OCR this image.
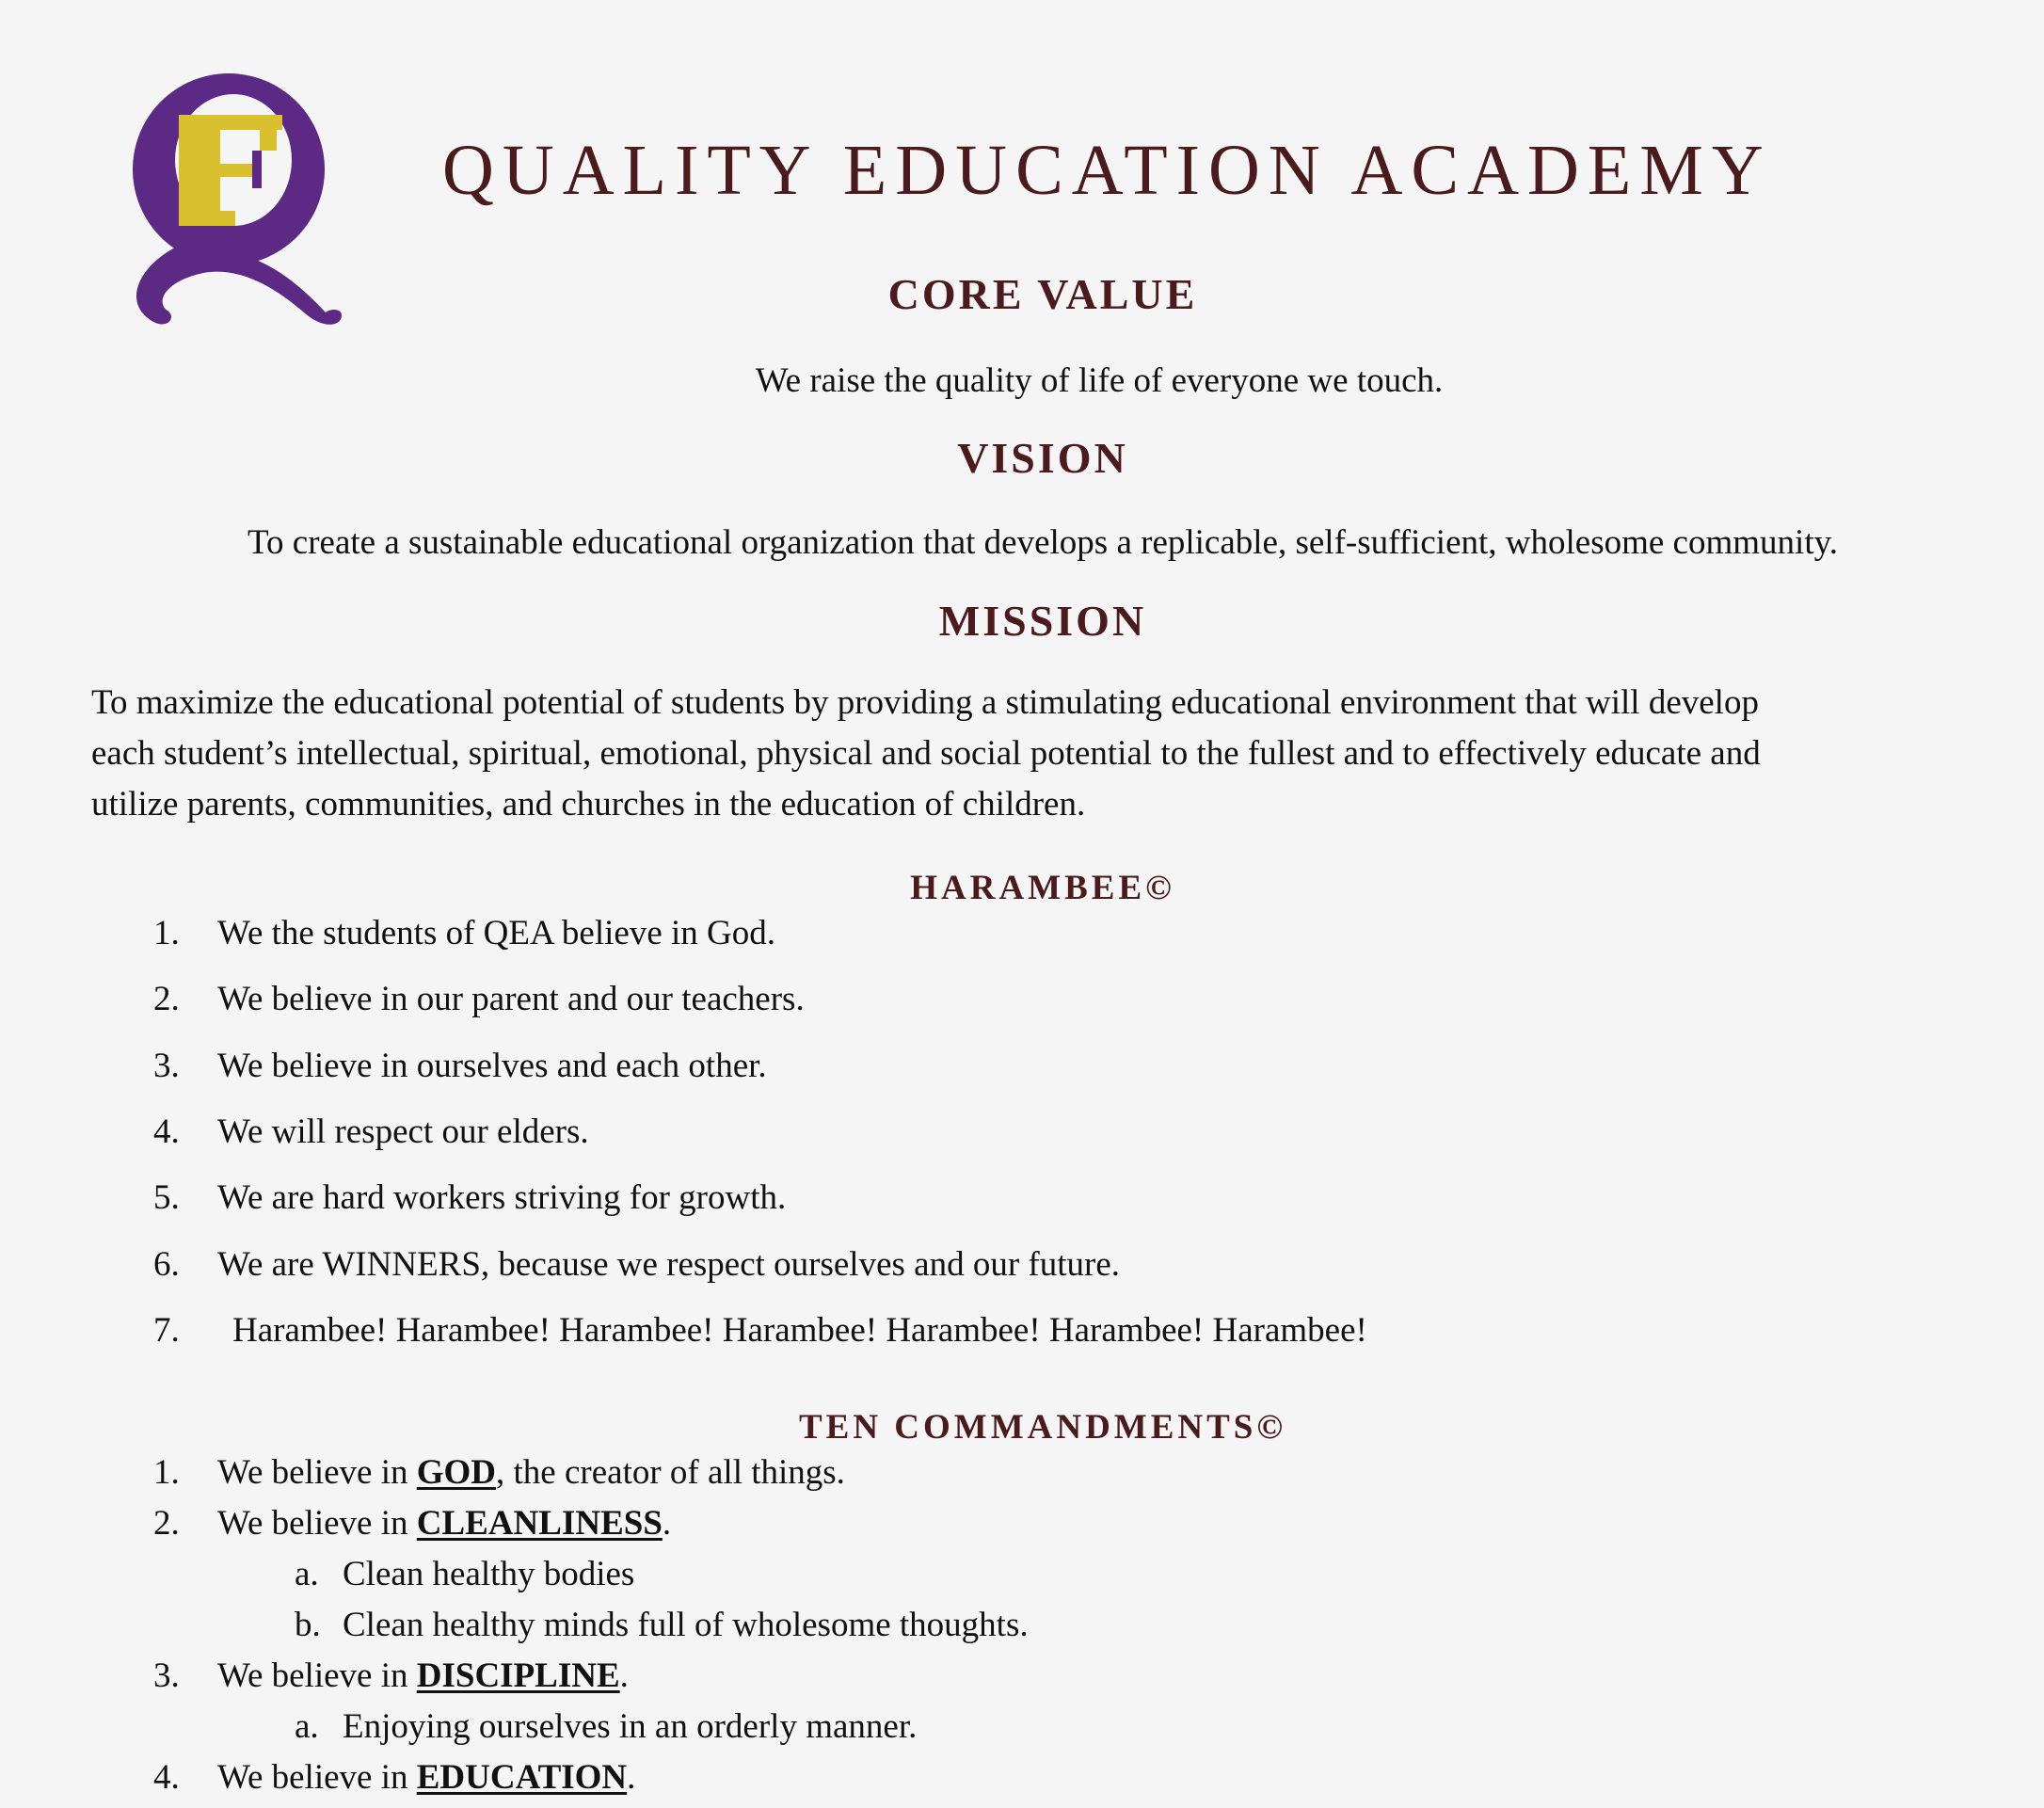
QUALITY EDUCATION ACADEMY
CORE VALUE
We raise the quality of life of everyone we touch.
VISION
To create a sustainable educational organization that develops a replicable, self-sufficient, wholesome community.
MISSION
To maximize the educational potential of students by providing a stimulating educational environment that will develop
each student’s intellectual, spiritual, emotional, physical and social potential to the fullest and to effectively educate and
utilize parents, communities, and churches in the education of children.
HARAMBEE©
1. We the students of QEA believe in God.
2. We believe in our parent and our teachers.
3. We believe in ourselves and each other.
4. We will respect our elders.
5. We are hard workers striving for growth.
6. We are WINNERS, because we respect ourselves and our future.
7. Harambee! Harambee! Harambee! Harambee! Harambee! Harambee! Harambee!
TEN COMMANDMENTS©
1. We believe in GOD, the creator of all things.
2. We believe in CLEANLINESS.
a. Clean healthy bodies
b. Clean healthy minds full of wholesome thoughts.
3. We believe in DISCIPLINE.
a. Enjoying ourselves in an orderly manner.
4. We believe in EDUCATION.
